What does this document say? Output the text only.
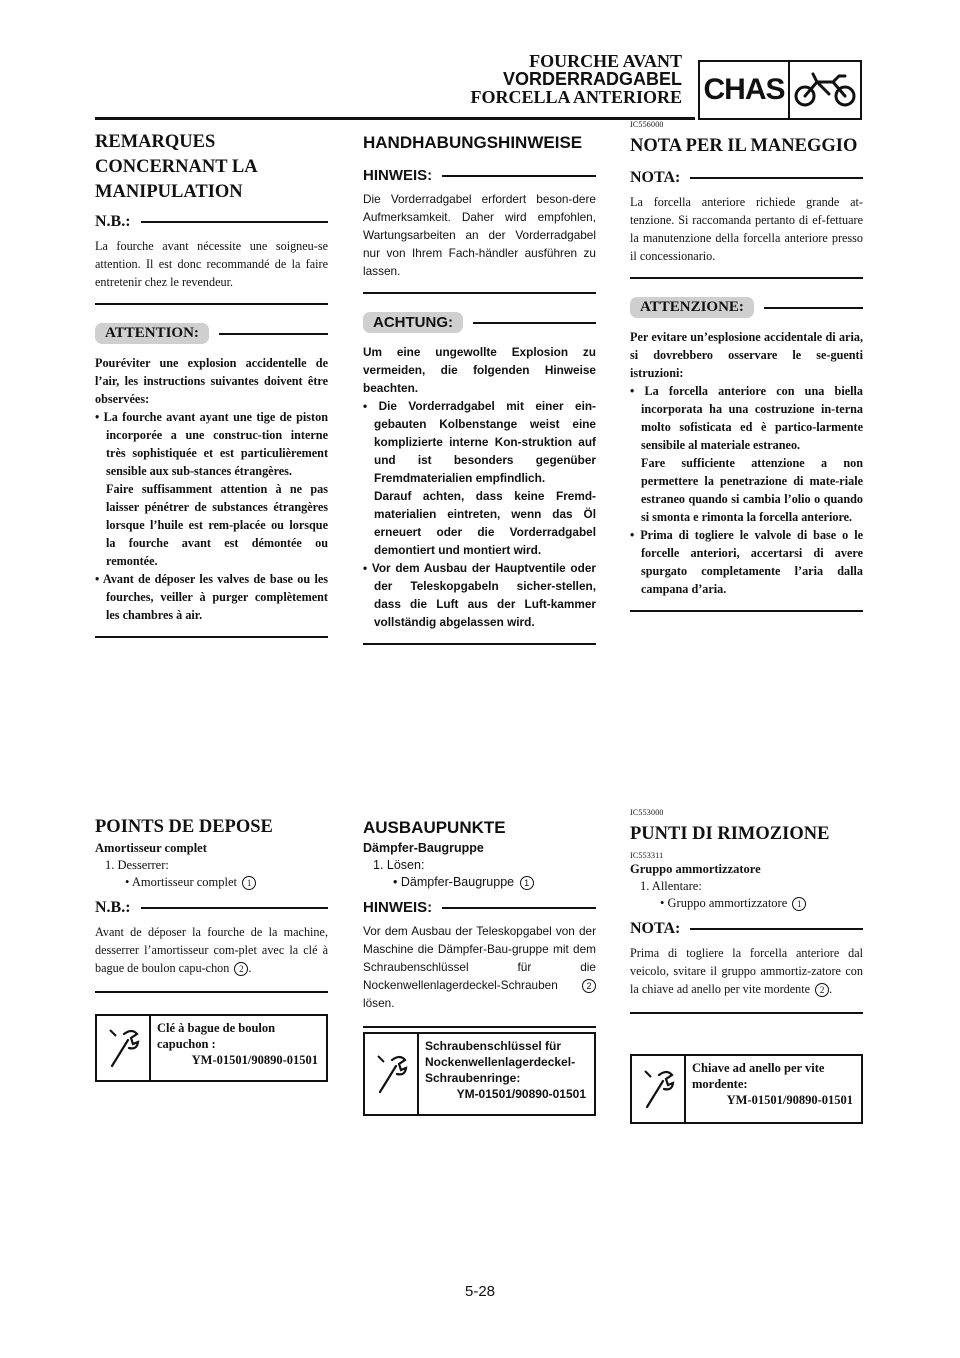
FOURCHE AVANT
VORDERRADGABEL
FORCELLA ANTERIORE CHAS
REMARQUES CONCERNANT LA MANIPULATION
N.B.:

La fourche avant nécessite une soigneu-se attention. Il est donc recommandé de la faire entretenir chez le revendeur.

ATTENTION:

Pouréviter une explosion accidentelle de l’air, les instructions suivantes doivent être observées:

• La fourche avant ayant une tige de piston incorporée a une construc-tion interne très sophistiquée et est particulièrement sensible aux sub-stances étrangères.
Faire suffisamment attention à ne pas laisser pénétrer de substances étrangères lorsque l’huile est rem-placée ou lorsque la fourche avant est démontée ou remontée.
• Avant de déposer les valves de base ou les fourches, veiller à purger complètement les chambres à air.
POINTS DE DEPOSE
Amortisseur complet
1. Desserrer:
• Amortisseur complet 1
N.B.:

Avant de déposer la fourche de la machine, desserrer l’amortisseur com-plet avec la clé à bague de boulon capu-chon 2 .

Clé à bague de boulon
capuchon :
YM-01501/90890-01501
HANDHABUNGSHINWEISE
HINWEIS:

Die Vorderradgabel erfordert beson-dere Aufmerksamkeit. Daher wird empfohlen, Wartungsarbeiten an der Vorderradgabel nur von Ihrem Fach-händler ausführen zu lassen.

ACHTUNG:

Um eine ungewollte Explosion zu vermeiden, die folgenden Hinweise beachten.

• Die Vorderradgabel mit einer ein-gebauten Kolbenstange weist eine komplizierte interne Kon-struktion auf und ist besonders gegenüber Fremdmaterialien empfindlich.
Darauf achten, dass keine Fremd-materialien eintreten, wenn das Öl erneuert oder die Vorderradgabel demontiert und montiert wird.
• Vor dem Ausbau der Hauptventile oder der Teleskopgabeln sicher-stellen, dass die Luft aus der Luft-kammer vollständig abgelassen wird.
AUSBAUPUNKTE
Dämpfer-Baugruppe
1. Lösen:
• Dämpfer-Baugruppe 1
HINWEIS:

Vor dem Ausbau der Teleskopgabel von der Maschine die Dämpfer-Bau-gruppe mit dem Schraubenschlüssel für die Nockenwellenlagerdeckel-Schrauben	2 lösen.

Schraubenschlüssel für
Nockenwellenlagerdeckel-
Schraubenringe:
YM-01501/90890-01501
IC556000
NOTA PER IL MANEGGIO
NOTA:

La forcella anteriore richiede grande at-tenzione. Si raccomanda pertanto di ef-fettuare la manutenzione della forcella anteriore presso il concessionario.

ATTENZIONE:

Per evitare un’esplosione accidentale di aria, si dovrebbero osservare le se-guenti istruzioni:

• La forcella anteriore con una biella incorporata ha una costruzione in-terna molto sofisticata ed è partico-larmente sensibile al materiale estraneo.
Fare sufficiente attenzione a non permettere la penetrazione di mate-riale estraneo quando si cambia l’olio o quando si smonta e rimonta la forcella anteriore.
• Prima di togliere le valvole di base o le forcelle anteriori, accertarsi di avere spurgato completamente l’aria dalla campana d’aria.
IC553000
PUNTI DI RIMOZIONE
IC553311
Gruppo ammortizzatore
1. Allentare:
• Gruppo ammortizzatore 1
NOTA:

Prima di togliere la forcella anteriore dal veicolo, svitare il gruppo ammortiz-zatore con la chiave ad anello per vite mordente 2 .

Chiave ad anello per vite
mordente:
YM-01501/90890-01501
5-28
